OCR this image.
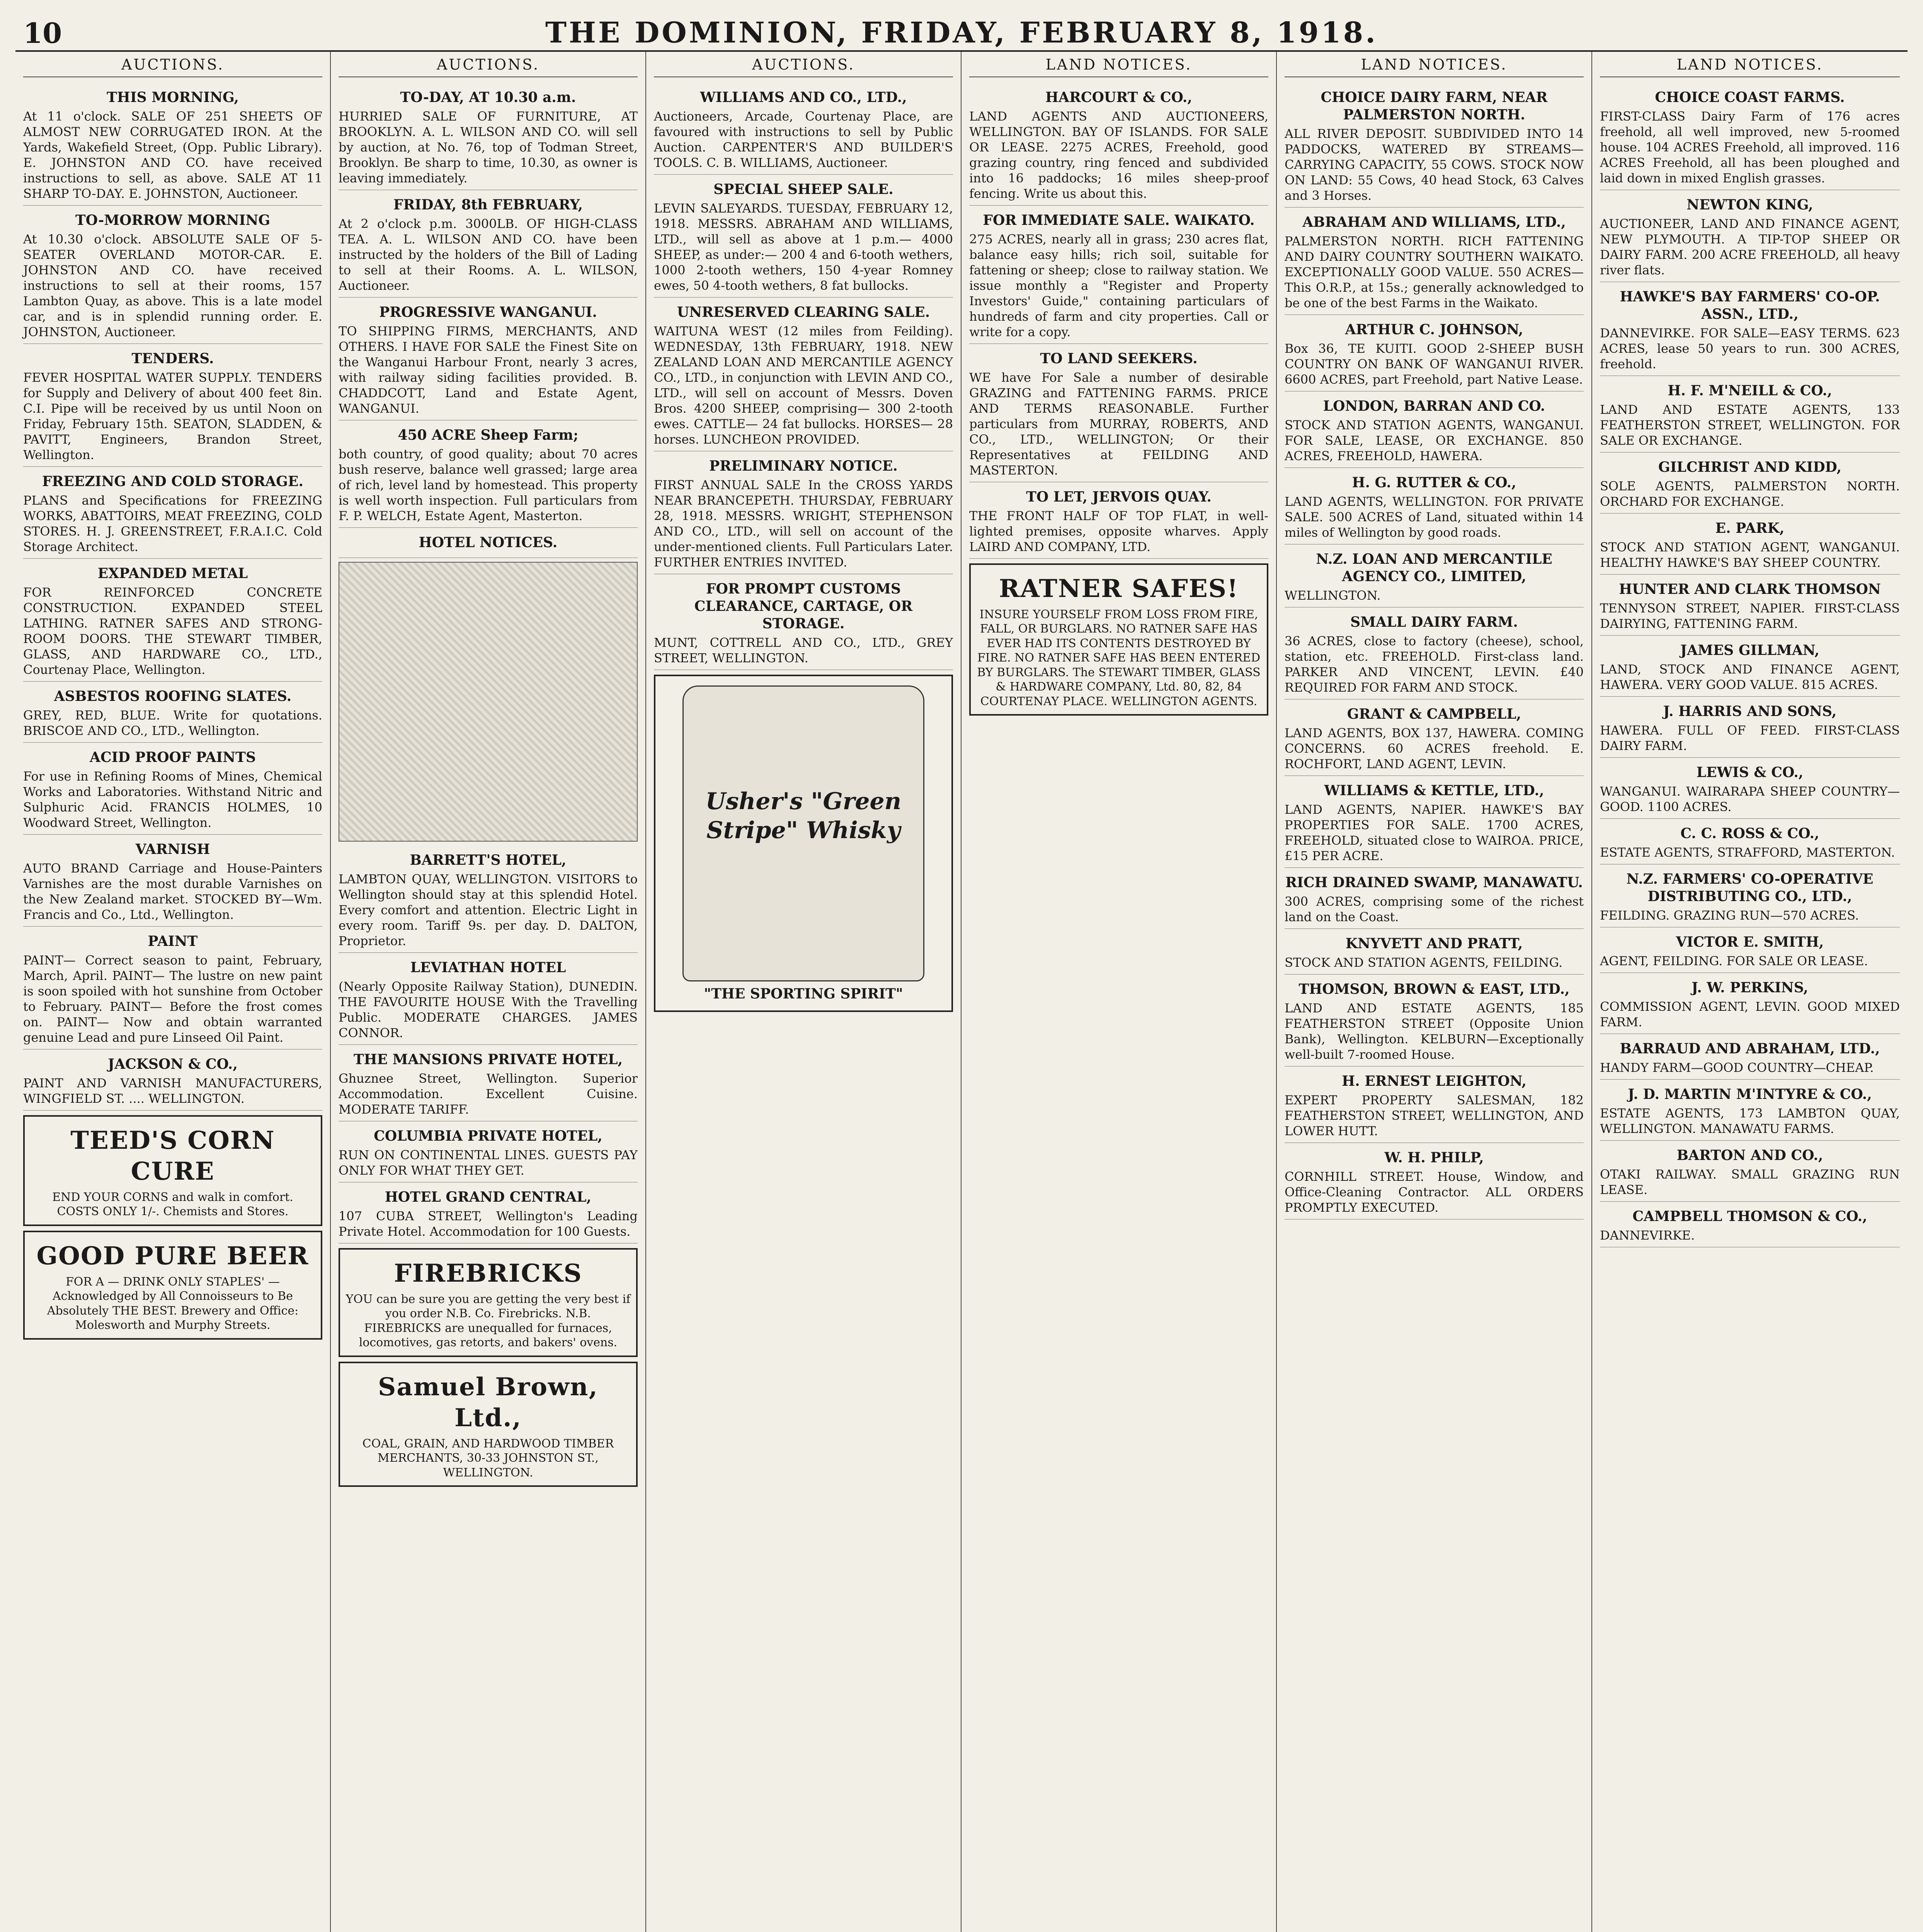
10	THE DOMINION, FRIDAY, FEBRUARY 8, 1918.
AUCTIONS.
THIS MORNING,
At 11 o'clock. SALE OF 251 SHEETS OF ALMOST NEW CORRUGATED IRON. At the Yards, Wakefield Street, (Opp. Public Library). E. JOHNSTON AND CO. have received instructions to sell, as above. SALE AT 11 SHARP TO-DAY. E. JOHNSTON, Auctioneer.
TO-MORROW MORNING
At 10.30 o'clock. ABSOLUTE SALE OF 5-SEATER OVERLAND MOTOR-CAR. E. JOHNSTON AND CO. have received instructions to sell at their rooms, 157 Lambton Quay, as above. This is a late model car, and is in splendid running order. E. JOHNSTON, Auctioneer.
TENDERS.
FEVER HOSPITAL WATER SUPPLY. TENDERS for Supply and Delivery of about 400 feet 8in. C.I. Pipe will be received by us until Noon on Friday, February 15th. SEATON, SLADDEN, & PAVITT, Engineers, Brandon Street, Wellington.
FREEZING AND COLD STORAGE.
PLANS and Specifications for FREEZING WORKS, ABATTOIRS, MEAT FREEZING, COLD STORES. H. J. GREENSTREET, F.R.A.I.C. Cold Storage Architect.
EXPANDED METAL
FOR REINFORCED CONCRETE CONSTRUCTION. EXPANDED STEEL LATHING. RATNER SAFES AND STRONG-ROOM DOORS. THE STEWART TIMBER, GLASS, AND HARDWARE CO., LTD., Courtenay Place, Wellington.
ASBESTOS ROOFING SLATES.
GREY, RED, BLUE. Write for quotations. BRISCOE AND CO., LTD., Wellington.
ACID PROOF PAINTS
For use in Refining Rooms of Mines, Chemical Works and Laboratories. Withstand Nitric and Sulphuric Acid. FRANCIS HOLMES, 10 Woodward Street, Wellington.
VARNISH
AUTO BRAND Carriage and House-Painters Varnishes are the most durable Varnishes on the New Zealand market. STOCKED BY—Wm. Francis and Co., Ltd., Wellington.
PAINT
PAINT— Correct season to paint, February, March, April. PAINT— The lustre on new paint is soon spoiled with hot sunshine from October to February. PAINT— Before the frost comes on. PAINT— Now and obtain warranted genuine Lead and pure Linseed Oil Paint.
JACKSON & CO.,
PAINT AND VARNISH MANUFACTURERS, WINGFIELD ST. .... WELLINGTON.
TEED'S CORN CURE
END YOUR CORNS and walk in comfort. COSTS ONLY 1/-. Chemists and Stores.
GOOD PURE BEER
FOR A — DRINK ONLY STAPLES' — Acknowledged by All Connoisseurs to Be Absolutely THE BEST. Brewery and Office: Molesworth and Murphy Streets.
AUCTIONS.
TO-DAY, AT 10.30 a.m.
HURRIED SALE OF FURNITURE, AT BROOKLYN. A. L. WILSON AND CO. will sell by auction, at No. 76, top of Todman Street, Brooklyn. Be sharp to time, 10.30, as owner is leaving immediately.
FRIDAY, 8th FEBRUARY,
At 2 o'clock p.m. 3000LB. OF HIGH-CLASS TEA. A. L. WILSON AND CO. have been instructed by the holders of the Bill of Lading to sell at their Rooms. A. L. WILSON, Auctioneer.
PROGRESSIVE WANGANUI.
TO SHIPPING FIRMS, MERCHANTS, AND OTHERS. I HAVE FOR SALE the Finest Site on the Wanganui Harbour Front, nearly 3 acres, with railway siding facilities provided. B. CHADDCOTT, Land and Estate Agent, WANGANUI.
450 ACRE Sheep Farm;
both country, of good quality; about 70 acres bush reserve, balance well grassed; large area of rich, level land by homestead. This property is well worth inspection. Full particulars from F. P. WELCH, Estate Agent, Masterton.
HOTEL NOTICES.
BARRETT'S HOTEL,
LAMBTON QUAY, WELLINGTON. VISITORS to Wellington should stay at this splendid Hotel. Every comfort and attention. Electric Light in every room. Tariff 9s. per day. D. DALTON, Proprietor.
LEVIATHAN HOTEL
(Nearly Opposite Railway Station), DUNEDIN. THE FAVOURITE HOUSE With the Travelling Public. MODERATE CHARGES. JAMES CONNOR.
THE MANSIONS PRIVATE HOTEL,
Ghuznee Street, Wellington. Superior Accommodation. Excellent Cuisine. MODERATE TARIFF.
COLUMBIA PRIVATE HOTEL,
RUN ON CONTINENTAL LINES. GUESTS PAY ONLY FOR WHAT THEY GET.
HOTEL GRAND CENTRAL,
107 CUBA STREET, Wellington's Leading Private Hotel. Accommodation for 100 Guests.
FIREBRICKS
YOU can be sure you are getting the very best if you order N.B. Co. Firebricks. N.B. FIREBRICKS are unequalled for furnaces, locomotives, gas retorts, and bakers' ovens.
Samuel Brown, Ltd.,
COAL, GRAIN, AND HARDWOOD TIMBER MERCHANTS, 30-33 JOHNSTON ST., WELLINGTON.
AUCTIONS.
WILLIAMS AND CO., LTD.,
Auctioneers, Arcade, Courtenay Place, are favoured with instructions to sell by Public Auction. CARPENTER'S AND BUILDER'S TOOLS. C. B. WILLIAMS, Auctioneer.
SPECIAL SHEEP SALE.
LEVIN SALEYARDS. TUESDAY, FEBRUARY 12, 1918. MESSRS. ABRAHAM AND WILLIAMS, LTD., will sell as above at 1 p.m.— 4000 SHEEP, as under:— 200 4 and 6-tooth wethers, 1000 2-tooth wethers, 150 4-year Romney ewes, 50 4-tooth wethers, 8 fat bullocks.
UNRESERVED CLEARING SALE.
WAITUNA WEST (12 miles from Feilding). WEDNESDAY, 13th FEBRUARY, 1918. NEW ZEALAND LOAN AND MERCANTILE AGENCY CO., LTD., in conjunction with LEVIN AND CO., LTD., will sell on account of Messrs. Doven Bros. 4200 SHEEP, comprising— 300 2-tooth ewes. CATTLE— 24 fat bullocks. HORSES— 28 horses. LUNCHEON PROVIDED.
PRELIMINARY NOTICE.
FIRST ANNUAL SALE In the CROSS YARDS NEAR BRANCEPETH. THURSDAY, FEBRUARY 28, 1918. MESSRS. WRIGHT, STEPHENSON AND CO., LTD., will sell on account of the under-mentioned clients. Full Particulars Later. FURTHER ENTRIES INVITED.
FOR PROMPT CUSTOMS CLEARANCE, CARTAGE, OR STORAGE.
MUNT, COTTRELL AND CO., LTD., GREY STREET, WELLINGTON.
Usher's "Green Stripe" Whisky
"THE SPORTING SPIRIT"
LAND NOTICES.
HARCOURT & CO.,
LAND AGENTS AND AUCTIONEERS, WELLINGTON. BAY OF ISLANDS. FOR SALE OR LEASE. 2275 ACRES, Freehold, good grazing country, ring fenced and subdivided into 16 paddocks; 16 miles sheep-proof fencing. Write us about this.
FOR IMMEDIATE SALE. WAIKATO.
275 ACRES, nearly all in grass; 230 acres flat, balance easy hills; rich soil, suitable for fattening or sheep; close to railway station. We issue monthly a "Register and Property Investors' Guide," containing particulars of hundreds of farm and city properties. Call or write for a copy.
TO LAND SEEKERS.
WE have For Sale a number of desirable GRAZING and FATTENING FARMS. PRICE AND TERMS REASONABLE. Further particulars from MURRAY, ROBERTS, AND CO., LTD., WELLINGTON; Or their Representatives at FEILDING AND MASTERTON.
TO LET, JERVOIS QUAY.
THE FRONT HALF OF TOP FLAT, in well-lighted premises, opposite wharves. Apply LAIRD AND COMPANY, LTD.
RATNER SAFES!
INSURE YOURSELF FROM LOSS FROM FIRE, FALL, OR BURGLARS. NO RATNER SAFE HAS EVER HAD ITS CONTENTS DESTROYED BY FIRE. NO RATNER SAFE HAS BEEN ENTERED BY BURGLARS. The STEWART TIMBER, GLASS & HARDWARE COMPANY, Ltd. 80, 82, 84 COURTENAY PLACE. WELLINGTON AGENTS.
LAND NOTICES.
CHOICE DAIRY FARM, NEAR PALMERSTON NORTH.
ALL RIVER DEPOSIT. SUBDIVIDED INTO 14 PADDOCKS, WATERED BY STREAMS—CARRYING CAPACITY, 55 COWS. STOCK NOW ON LAND: 55 Cows, 40 head Stock, 63 Calves and 3 Horses.
ABRAHAM AND WILLIAMS, LTD.,
PALMERSTON NORTH. RICH FATTENING AND DAIRY COUNTRY SOUTHERN WAIKATO. EXCEPTIONALLY GOOD VALUE. 550 ACRES—This O.R.P., at 15s.; generally acknowledged to be one of the best Farms in the Waikato.
ARTHUR C. JOHNSON,
Box 36, TE KUITI. GOOD 2-SHEEP BUSH COUNTRY ON BANK OF WANGANUI RIVER. 6600 ACRES, part Freehold, part Native Lease.
LONDON, BARRAN AND CO.
STOCK AND STATION AGENTS, WANGANUI. FOR SALE, LEASE, OR EXCHANGE. 850 ACRES, FREEHOLD, HAWERA.
H. G. RUTTER & CO.,
LAND AGENTS, WELLINGTON. FOR PRIVATE SALE. 500 ACRES of Land, situated within 14 miles of Wellington by good roads.
N.Z. LOAN AND MERCANTILE AGENCY CO., LIMITED,
WELLINGTON.
SMALL DAIRY FARM.
36 ACRES, close to factory (cheese), school, station, etc. FREEHOLD. First-class land. PARKER AND VINCENT, LEVIN. £40 REQUIRED FOR FARM AND STOCK.
GRANT & CAMPBELL,
LAND AGENTS, BOX 137, HAWERA. COMING CONCERNS. 60 ACRES freehold. E. ROCHFORT, LAND AGENT, LEVIN.
WILLIAMS & KETTLE, LTD.,
LAND AGENTS, NAPIER. HAWKE'S BAY PROPERTIES FOR SALE. 1700 ACRES, FREEHOLD, situated close to WAIROA. PRICE, £15 PER ACRE.
RICH DRAINED SWAMP, MANAWATU.
300 ACRES, comprising some of the richest land on the Coast.
KNYVETT AND PRATT,
STOCK AND STATION AGENTS, FEILDING.
THOMSON, BROWN & EAST, LTD.,
LAND AND ESTATE AGENTS, 185 FEATHERSTON STREET (Opposite Union Bank), Wellington. KELBURN—Exceptionally well-built 7-roomed House.
H. ERNEST LEIGHTON,
EXPERT PROPERTY SALESMAN, 182 FEATHERSTON STREET, WELLINGTON, AND LOWER HUTT.
W. H. PHILP,
CORNHILL STREET. House, Window, and Office-Cleaning Contractor. ALL ORDERS PROMPTLY EXECUTED.
LAND NOTICES.
CHOICE COAST FARMS.
FIRST-CLASS Dairy Farm of 176 acres freehold, all well improved, new 5-roomed house. 104 ACRES Freehold, all improved. 116 ACRES Freehold, all has been ploughed and laid down in mixed English grasses.
NEWTON KING,
AUCTIONEER, LAND AND FINANCE AGENT, NEW PLYMOUTH. A TIP-TOP SHEEP OR DAIRY FARM. 200 ACRE FREEHOLD, all heavy river flats.
HAWKE'S BAY FARMERS' CO-OP. ASSN., LTD.,
DANNEVIRKE. FOR SALE—EASY TERMS. 623 ACRES, lease 50 years to run. 300 ACRES, freehold.
H. F. M'NEILL & CO.,
LAND AND ESTATE AGENTS, 133 FEATHERSTON STREET, WELLINGTON. FOR SALE OR EXCHANGE.
GILCHRIST AND KIDD,
SOLE AGENTS, PALMERSTON NORTH. ORCHARD FOR EXCHANGE.
E. PARK,
STOCK AND STATION AGENT, WANGANUI. HEALTHY HAWKE'S BAY SHEEP COUNTRY.
HUNTER AND CLARK THOMSON
TENNYSON STREET, NAPIER. FIRST-CLASS DAIRYING, FATTENING FARM.
JAMES GILLMAN,
LAND, STOCK AND FINANCE AGENT, HAWERA. VERY GOOD VALUE. 815 ACRES.
J. HARRIS AND SONS,
HAWERA. FULL OF FEED. FIRST-CLASS DAIRY FARM.
LEWIS & CO.,
WANGANUI. WAIRARAPA SHEEP COUNTRY—GOOD. 1100 ACRES.
C. C. ROSS & CO.,
ESTATE AGENTS, STRAFFORD, MASTERTON.
N.Z. FARMERS' CO-OPERATIVE DISTRIBUTING CO., LTD.,
FEILDING. GRAZING RUN—570 ACRES.
VICTOR E. SMITH,
AGENT, FEILDING. FOR SALE OR LEASE.
J. W. PERKINS,
COMMISSION AGENT, LEVIN. GOOD MIXED FARM.
BARRAUD AND ABRAHAM, LTD.,
HANDY FARM—GOOD COUNTRY—CHEAP.
J. D. MARTIN M'INTYRE & CO.,
ESTATE AGENTS, 173 LAMBTON QUAY, WELLINGTON. MANAWATU FARMS.
BARTON AND CO.,
OTAKI RAILWAY. SMALL GRAZING RUN LEASE.
CAMPBELL THOMSON & CO.,
DANNEVIRKE.
